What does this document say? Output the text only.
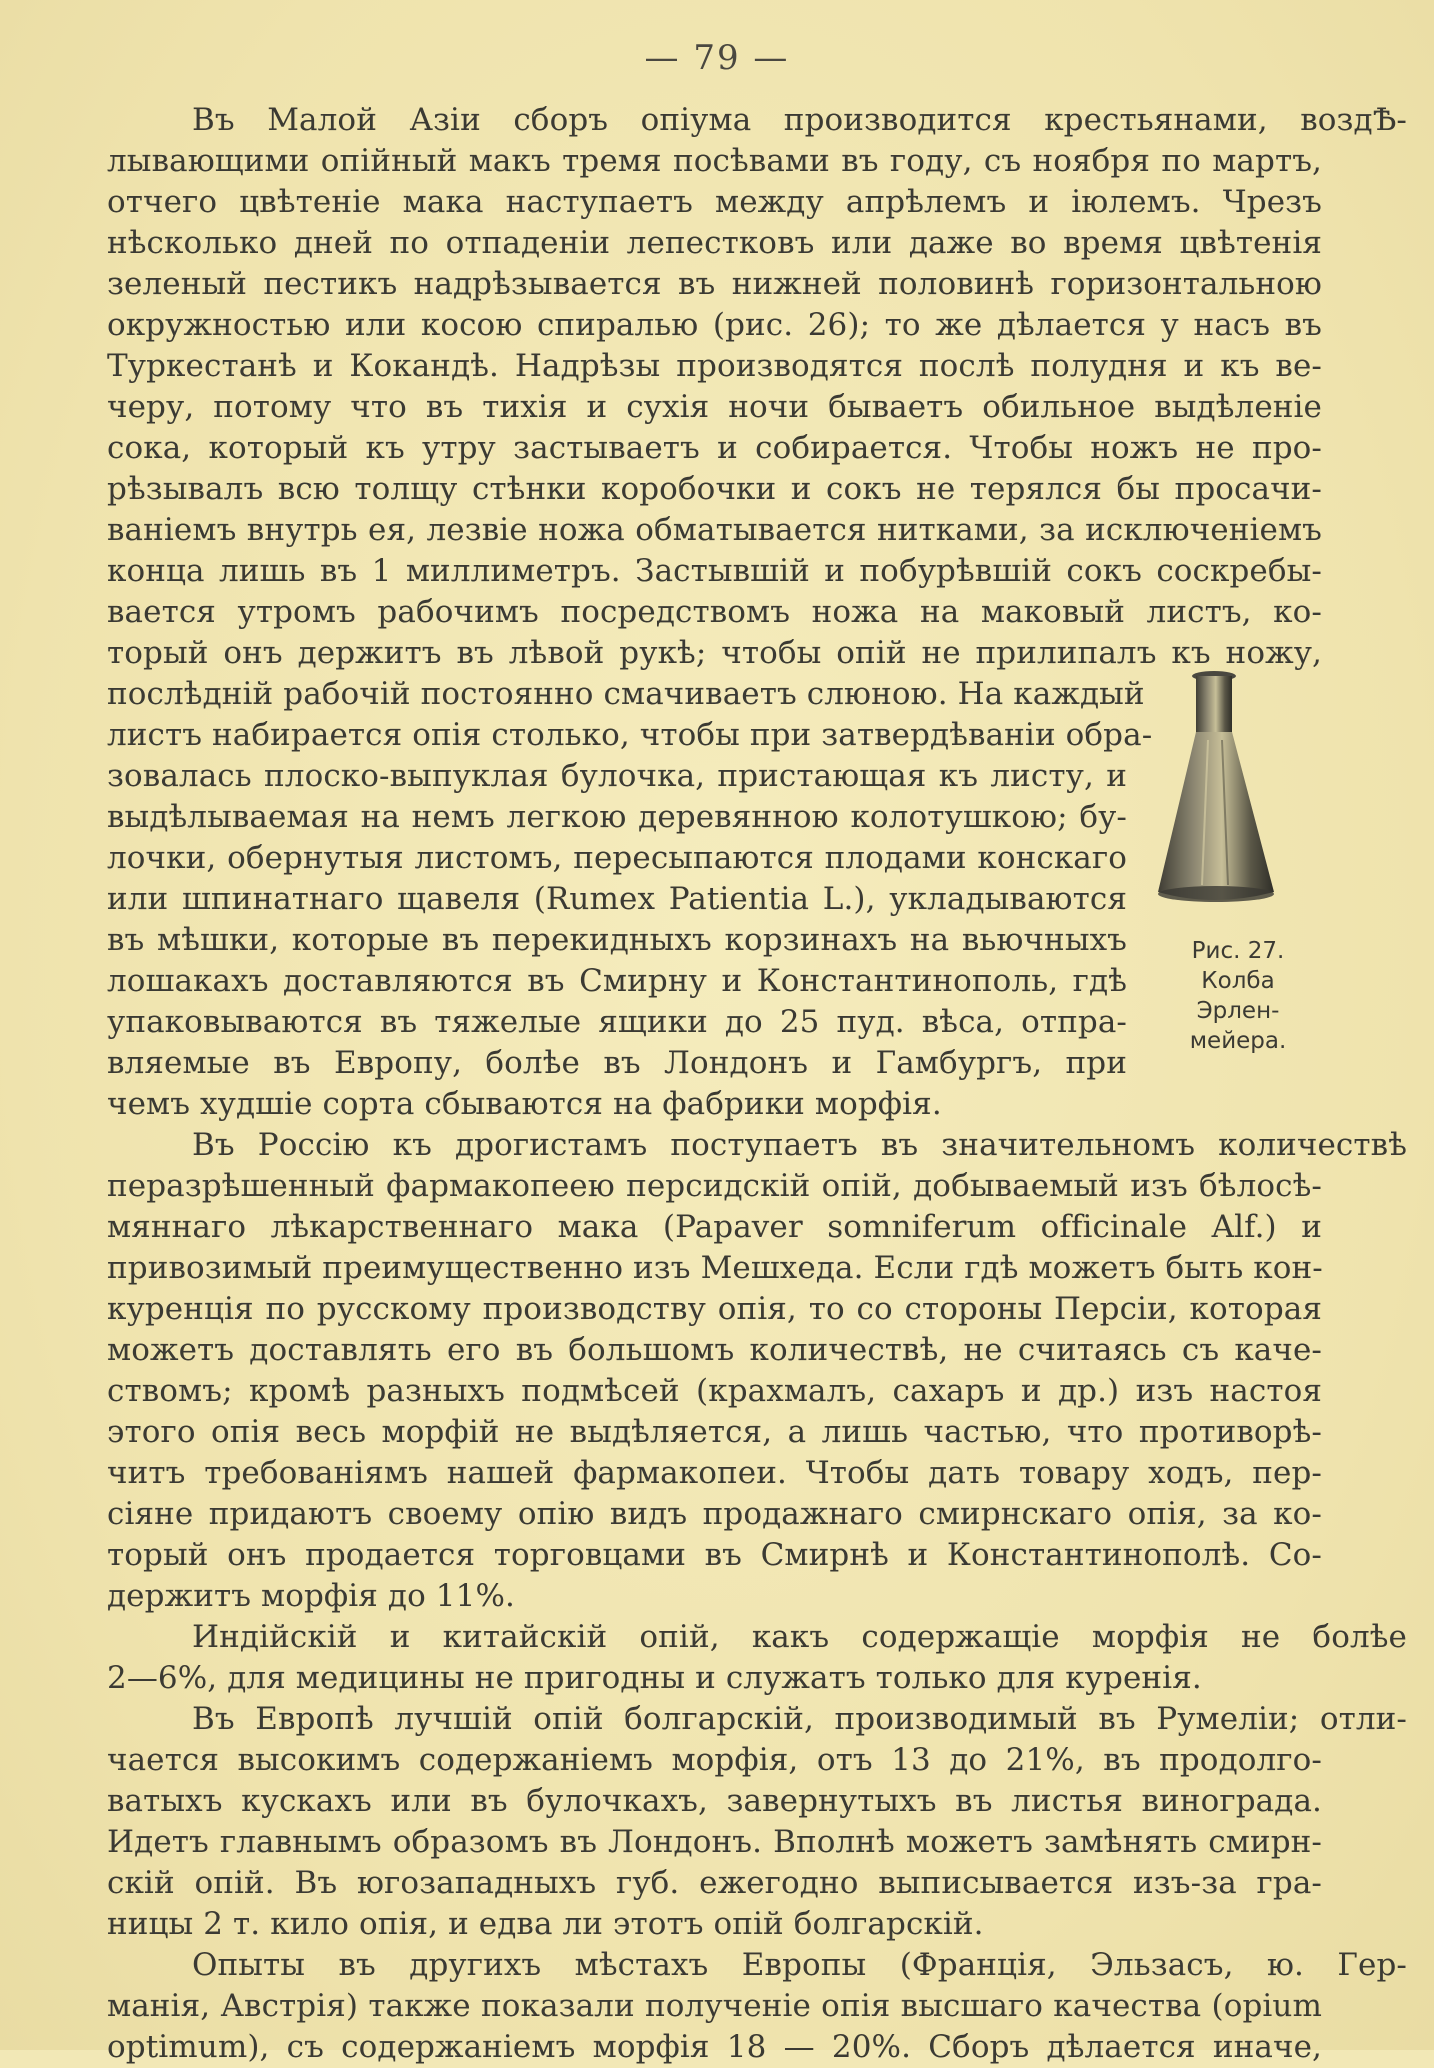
— 79 —
Въ Малой Азіи сборъ опіума производится крестьянами, воздѢ-
лывающими опійный макъ тремя посѣвами въ году, съ ноября по мартъ,
отчего цвѣтеніе мака наступаетъ между апрѣлемъ и іюлемъ. Чрезъ
нѣсколько дней по отпаденіи лепестковъ или даже во время цвѣтенія
зеленый пестикъ надрѣзывается въ нижней половинѣ горизонтальною
окружностью или косою спиралью (рис. 26); то же дѣлается у насъ въ
Туркестанѣ и Кокандѣ. Надрѣзы производятся послѣ полудня и къ ве-
черу, потому что въ тихія и сухія ночи бываетъ обильное выдѣленіе
сока, который къ утру застываетъ и собирается. Чтобы ножъ не про-
рѣзывалъ всю толщу стѣнки коробочки и сокъ не терялся бы просачи-
ваніемъ внутрь ея, лезвіе ножа обматывается нитками, за исключеніемъ
конца лишь въ 1 миллиметръ. Застывшій и побурѣвшій сокъ соскребы-
вается утромъ рабочимъ посредствомъ ножа на маковый листъ, ко-
торый онъ держитъ въ лѣвой рукѣ; чтобы опій не прилипалъ къ ножу,
послѣдній рабочій постоянно смачиваетъ слюною. На каждый
листъ набирается опія столько, чтобы при затвердѣваніи обра-
зовалась плоско-выпуклая булочка, пристающая къ листу, и
выдѣлываемая на немъ легкою деревянною колотушкою; бу-
лочки, обернутыя листомъ, пересыпаются плодами конскаго
или шпинатнаго щавеля (Rumex Patientia L.), укладываются
въ мѣшки, которые въ перекидныхъ корзинахъ на вьючныхъ
лошакахъ доставляются въ Смирну и Константинополь, гдѣ
упаковываются въ тяжелые ящики до 25 пуд. вѣса, отпра-
вляемые въ Европу, болѣе въ Лондонъ и Гамбургъ, при
чемъ худшіе сорта сбываются на фабрики морфія.
Въ Россію къ дрогистамъ поступаетъ въ значительномъ количествѣ
перазрѣшенный фармакопеею персидскій опій, добываемый изъ бѣлосѣ-
мяннаго лѣкарственнаго мака (Papaver somniferum officinale Alf.) и
привозимый преимущественно изъ Мешхеда. Если гдѣ можетъ быть кон-
куренція по русскому производству опія, то со стороны Персіи, которая
можетъ доставлять его въ большомъ количествѣ, не считаясь съ каче-
ствомъ; кромѣ разныхъ подмѣсей (крахмалъ, сахаръ и др.) изъ настоя
этого опія весь морфій не выдѣляется, а лишь частью, что противорѣ-
читъ требованіямъ нашей фармакопеи. Чтобы дать товару ходъ, пер-
сіяне придаютъ своему опію видъ продажнаго смирнскаго опія, за ко-
торый онъ продается торговцами въ Смирнѣ и Константинополѣ. Со-
держитъ морфія до 11%.
Индійскій и китайскій опій, какъ содержащіе морфія не болѣе
2—6%, для медицины не пригодны и служатъ только для куренія.
Въ Европѣ лучшій опій болгарскій, производимый въ Румеліи; отли-
чается высокимъ содержаніемъ морфія, отъ 13 до 21%, въ продолго-
ватыхъ кускахъ или въ булочкахъ, завернутыхъ въ листья винограда.
Идетъ главнымъ образомъ въ Лондонъ. Вполнѣ можетъ замѣнять смирн-
скій опій. Въ югозападныхъ губ. ежегодно выписывается изъ-за гра-
ницы 2 т. кило опія, и едва ли этотъ опій болгарскій.
Опыты въ другихъ мѣстахъ Европы (Франція, Эльзасъ, ю. Гер-
манія, Австрія) также показали полученіе опія высшаго качества (opium
optimum), съ содержаніемъ морфія 18 — 20%. Сборъ дѣлается иначе,
Рис. 27.
Колба
Эрлен-
мейера.
